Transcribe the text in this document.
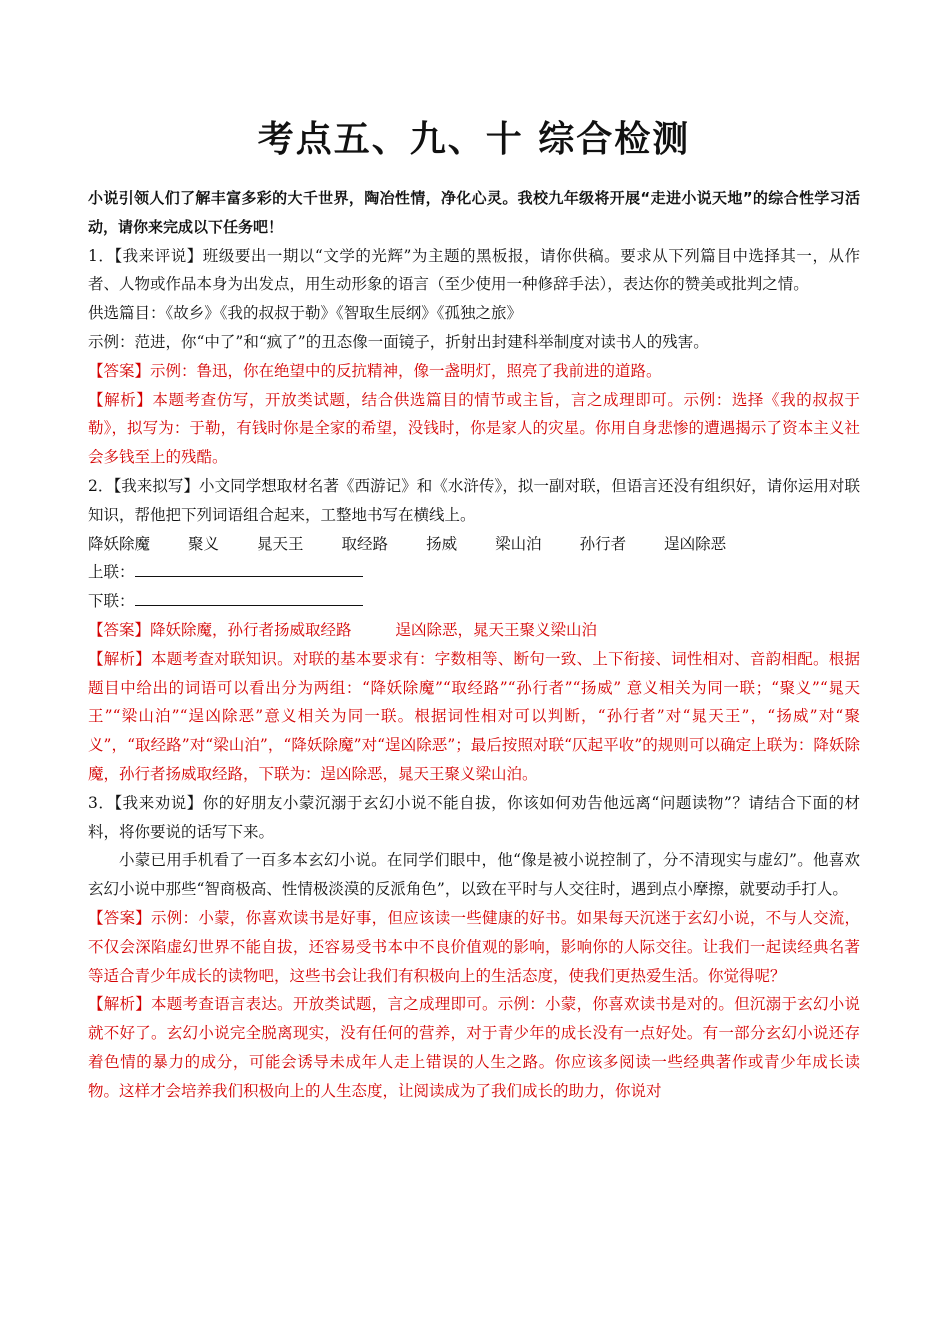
考点五、九、十 综合检测

小说引领人们了解丰富多彩的大千世界，陶冶性情，净化心灵。我校九年级将开展“走进小说天地”的综合性学习活动，请你来完成以下任务吧！

1．【我来评说】班级要出一期以“文学的光辉”为主题的黑板报，请你供稿。要求从下列篇目中选择其一，从作者、人物或作品本身为出发点，用生动形象的语言（至少使用一种修辞手法），表达你的赞美或批判之情。

供选篇目：《故乡》《我的叔叔于勒》《智取生辰纲》《孤独之旅》

示例：范进，你“中了”和“疯了”的丑态像一面镜子，折射出封建科举制度对读书人的残害。

【答案】示例：鲁迅，你在绝望中的反抗精神，像一盏明灯，照亮了我前进的道路。

【解析】本题考查仿写，开放类试题，结合供选篇目的情节或主旨，言之成理即可。示例：选择《我的叔叔于勒》，拟写为：于勒，有钱时你是全家的希望，没钱时，你是家人的灾星。你用自身悲惨的遭遇揭示了资本主义社会多钱至上的残酷。

2．【我来拟写】小文同学想取材名著《西游记》和《水浒传》，拟一副对联，但语言还没有组织好，请你运用对联知识，帮他把下列词语组合起来，工整地书写在横线上。

降妖除魔 聚义 晁天王 取经路 扬威 梁山泊 孙行者 逞凶除恶

上联：

下联：

【答案】降妖除魔，孙行者扬威取经路	逞凶除恶，晁天王聚义梁山泊

【解析】本题考查对联知识。对联的基本要求有：字数相等、断句一致、上下衔接、词性相对、音韵相配。根据题目中给出的词语可以看出分为两组：“降妖除魔”“取经路”“孙行者”“扬威” 意义相关为同一联；“聚义”“晁天王”“梁山泊”“逞凶除恶”意义相关为同一联。根据词性相对可以判断，“孙行者”对“晁天王”，“扬威”对“聚义”，“取经路”对“梁山泊”，“降妖除魔”对“逞凶除恶”；最后按照对联“仄起平收”的规则可以确定上联为：降妖除魔，孙行者扬威取经路，下联为：逞凶除恶，晁天王聚义梁山泊。

3．【我来劝说】你的好朋友小蒙沉溺于玄幻小说不能自拔，你该如何劝告他远离“问题读物”？请结合下面的材料，将你要说的话写下来。

小蒙已用手机看了一百多本玄幻小说。在同学们眼中，他“像是被小说控制了，分不清现实与虚幻”。他喜欢玄幻小说中那些“智商极高、性情极淡漠的反派角色”，以致在平时与人交往时，遇到点小摩擦，就要动手打人。

【答案】示例：小蒙，你喜欢读书是好事，但应该读一些健康的好书。如果每天沉迷于玄幻小说，不与人交流，不仅会深陷虚幻世界不能自拔，还容易受书本中不良价值观的影响，影响你的人际交往。让我们一起读经典名著等适合青少年成长的读物吧，这些书会让我们有积极向上的生活态度，使我们更热爱生活。你觉得呢？

【解析】本题考查语言表达。开放类试题，言之成理即可。示例：小蒙，你喜欢读书是对的。但沉溺于玄幻小说就不好了。玄幻小说完全脱离现实，没有任何的营养，对于青少年的成长没有一点好处。有一部分玄幻小说还存着色情的暴力的成分，可能会诱导未成年人走上错误的人生之路。你应该多阅读一些经典著作或青少年成长读物。这样才会培养我们积极向上的人生态度，让阅读成为了我们成长的助力，你说对
